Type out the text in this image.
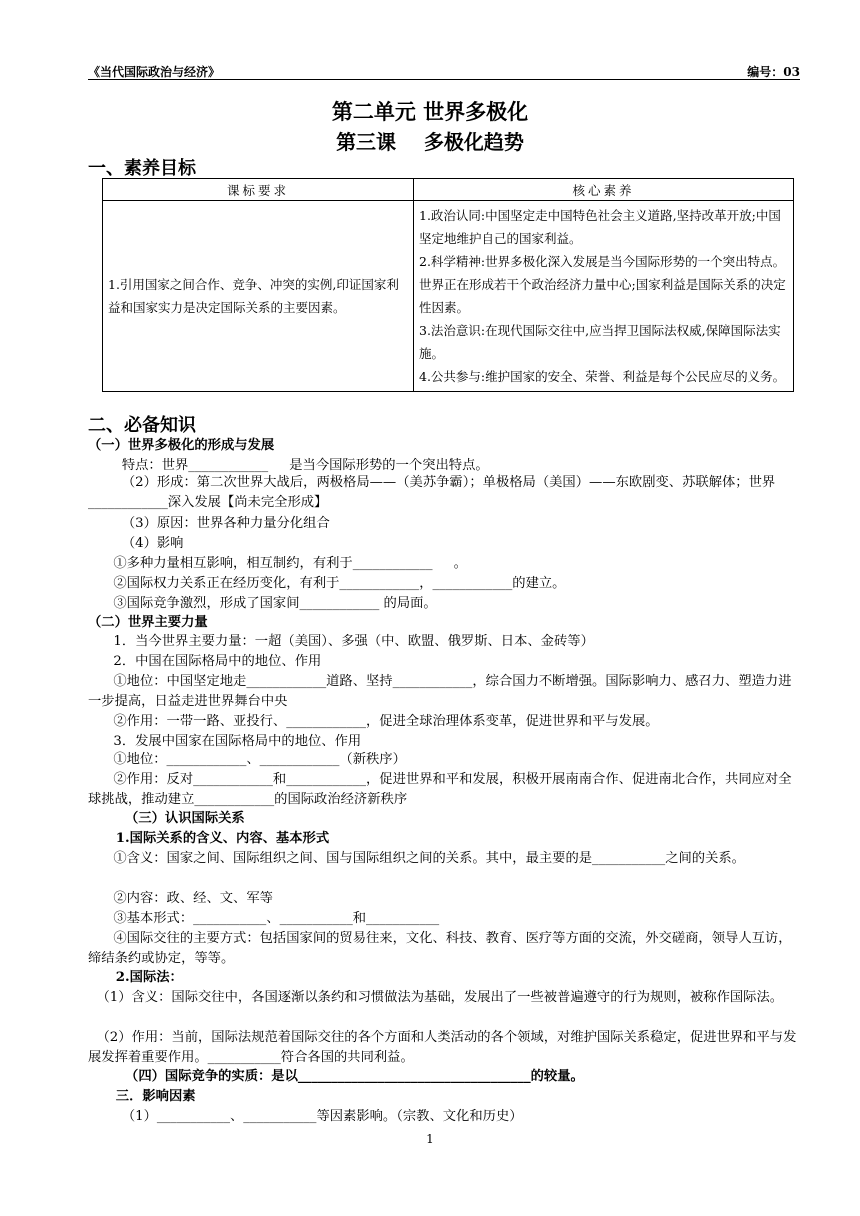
《当代国际政治与经济》	编号：03
第二单元 世界多极化
第三课    多极化趋势
一、素养目标
课标要求	核心素养
1.引用国家之间合作、竞争、冲突的实例,印证国家利益和国家实力是决定国际关系的主要因素。	1.政治认同:中国坚定走中国特色社会主义道路,坚持改革开放;中国坚定地维护自己的国家利益。
2.科学精神:世界多极化深入发展是当今国际形势的一个突出特点。世界正在形成若干个政治经济力量中心;国家利益是国际关系的决定性因素。
3.法治意识:在现代国际交往中,应当捍卫国际法权威,保障国际法实施。
4.公共参与:维护国家的安全、荣誉、利益是每个公民应尽的义务。
二、必备知识
（一）世界多极化的形成与发展
特点：世界____________     是当今国际形势的一个突出特点。
（2）形成：第二次世界大战后，两极格局——（美苏争霸）；单极格局（美国）——东欧剧变、苏联解体；世界____________深入发展【尚未完全形成】
（3）原因：世界各种力量分化组合
（4）影响
①多种力量相互影响，相互制约，有利于____________     。
②国际权力关系正在经历变化，有利于____________，____________的建立。
③国际竞争激烈，形成了国家间____________ 的局面。
（二）世界主要力量
1．当今世界主要力量：一超（美国）、多强（中、欧盟、俄罗斯、日本、金砖等）
2．中国在国际格局中的地位、作用
①地位：中国坚定地走____________道路、坚持____________，综合国力不断增强。国际影响力、感召力、塑造力进一步提高，日益走进世界舞台中央
②作用：一带一路、亚投行、____________，促进全球治理体系变革，促进世界和平与发展。
3．发展中国家在国际格局中的地位、作用
①地位：____________、____________（新秩序）
②作用：反对____________和____________，促进世界和平和发展，积极开展南南合作、促进南北合作，共同应对全球挑战，推动建立____________的国际政治经济新秩序
（三）认识国际关系
1.国际关系的含义、内容、基本形式
①含义：国家之间、国际组织之间、国与国际组织之间的关系。其中，最主要的是___________之间的关系。
②内容：政、经、文、军等
③基本形式：___________、___________和___________
④国际交往的主要方式：包括国家间的贸易往来，文化、科技、教育、医疗等方面的交流，外交磋商，领导人互访，缔结条约或协定，等等。
2.国际法：
（1）含义：国际交往中，各国逐渐以条约和习惯做法为基础，发展出了一些被普遍遵守的行为规则，被称作国际法。
（2）作用：当前，国际法规范着国际交往的各个方面和人类活动的各个领域，对维护国际关系稳定，促进世界和平与发展发挥着重要作用。___________符合各国的共同利益。
（四）国际竞争的实质：是以___________________________________的较量。
三．影响因素
（1）___________、___________等因素影响。（宗教、文化和历史）
1
